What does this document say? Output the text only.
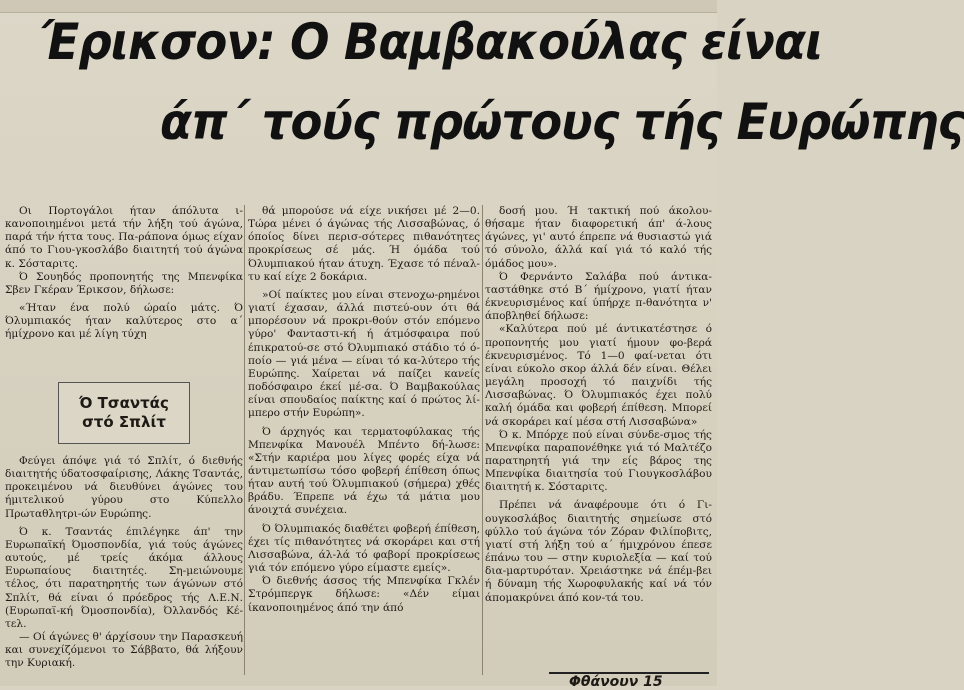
Έρικσον: Ο Βαμβακούλας είναι
άπ΄ τούς πρώτους τής Ευρώπης

Οι Πορτογάλοι ήταν άπόλυτα ι-κανοποιημένοι μετά τήν λήξη τού άγώνα, παρά τήν ήττα τους. Πα-ράπονα όμως είχαν άπό το Γιου-γκοσλάβο διαιτητή τού άγώνα κ. Σόσταριτς.

Ό Σουηδός προπονητής της Μπενφίκα Σβεν Γκέραν Έρικσον, δήλωσε:

«Ήταν ένα πολύ ώραίο μάτς. Ό Όλυμπιακός ήταν καλύτερος στο α΄ ήμίχρονο και μέ λίγη τύχη

Ό Τσαντάς
στό Σπλίτ

Φεύγει άπόψε γιά τό Σπλίτ, ό διεθνής διαιτητής ύδατοσφαίρισης, Λάκης Τσαντάς, προκειμένου νά διευθύνει άγώνες του ήμιτελικού γύρου στο Κύπελλο Πρωταθλητρι-ών Ευρώπης.

Ό κ. Τσαντάς έπιλέγηκε άπ' την Ευρωπαϊκή Όμοσπονδία, γιά τούς άγώνες αυτούς, μέ τρείς άκόμα άλλους Ευρωπαίους διαιτητές. Ση-μειώνουμε τέλος, ότι παρατηρητής των άγώνων στό Σπλίτ, θά είναι ό πρόεδρος τής Λ.Ε.Ν. (Ευρωπαϊ-κή Όμοσπονδία), Όλλανδός Κέ-τελ.

— Οί άγώνες θ' άρχίσουν την Παρασκευή και συνεχίζόμενοι το Σάββατο, θά λήξουν την Κυριακή.

θά μπορούσε νά είχε νικήσει μέ 2—0. Τώρα μένει ό άγώνας τής Λισσαβώνας, ό όποίος δίνει περισ-σότερες πιθανότητες προκρίσεως σέ μάς. Ή όμάδα τού Όλυμπιακού ήταν άτυχη. Έχασε τό πέναλ-τυ καί είχε 2 δοκάρια.

»Οί παίκτες μου είναι στενοχω-ρημένοι γιατί έχασαν, άλλά πιστεύ-ουν ότι θά μπορέσουν νά προκρι-θούν στόν επόμενο γύρο' Φανταστι-κή ή άτμόσφαιρα πού έπικρατού-σε στό Όλυμπιακό στάδιο τό ό-ποίο — γιά μένα — είναι τό κα-λύτερο τής Ευρώπης. Χαίρεται νά παίζει κανείς ποδόσφαιρο έκεί μέ-σα. Ό Βαμβακούλας είναι σπουδαίος παίκτης καί ό πρώτος λί-μπερο στήν Ευρώπη».

Ό άρχηγός και τερματοφύλακας τής Μπενφίκα Μανουέλ Μπέντο δή-λωσε: «Στήν καριέρα μου λίγες φορές είχα νά άντιμετωπίσω τόσο φοβερή έπίθεση όπως ήταν αυτή τού Όλυμπιακού (σήμερα) χθές βράδυ. Έπρεπε νά έχω τά μάτια μου άνοιχτά συνέχεια.

Ό Όλυμπιακός διαθέτει φοβερή έπίθεση, έχει τίς πιθανότητες νά σκοράρει και στή Λισσαβώνα, άλ-λά τό φαβορί προκρίσεως γιά τόν επόμενο γύρο είμαστε εμείς».

Ό διεθνής άσσος τής Μπενφίκα Γκλέν Στρόμπεργκ δήλωσε: «Δέν είμαι ίκανοποιημένος άπό την άπό

δοσή μου. Ή τακτική πού άκολου-θήσαμε ήταν διαφορετική άπ' ά-λους άγώνες, γι' αυτό έπρεπε νά θυσιαστώ γιά τό σύνολο, άλλά καί γιά τό καλό τής όμάδος μου».

Ό Φερνάντο Σαλάβα πού άντικα-ταστάθηκε στό Β΄ ήμίχρονο, γιατί ήταν έκνευρισμένος καί ύπήρχε π-θανότητα ν' άποβληθεί δήλωσε:

«Καλύτερα πού μέ άντικατέστησε ό προπονητής μου γιατί ήμουν φο-βερά έκνευρισμένος. Τό 1—0 φαί-νεται ότι είναι εύκολο σκορ άλλά δέν είναι. Θέλει μεγάλη προσοχή τό παιχνίδι τής Λισσαβώνας. Ό Όλυμπιακός έχει πολύ καλή όμάδα και φοβερή έπίθεση. Μπορεί νά σκοράρει καί μέσα στή Λισσαβώνα»

Ό κ. Μπόρχε πού είναι σύνδε-σμος τής Μπενφίκα παραπονέθηκε γιά τό Μαλτέζο παρατηρητή γιά την είς βάρος της Μπενφίκα διαιτησία τού Γιουγκοσλάβου διαιτητή κ. Σόσταριτς.

Πρέπει νά άναφέρουμε ότι ό Γι-ουγκοσλάβος διαιτητής σημείωσε στό φύλλο τού άγώνα τόν Ζόραν Φιλίποβιτς, γιατί στή λήξη τού α΄ ήμιχρόνου έπεσε έπάνω του — στην κυριολεξία — καί τού δια-μαρτυρόταν. Χρειάστηκε νά έπέμ-βει ή δύναμη τής Χωροφυλακής καί νά τόν άπομακρύνει άπό κον-τά του.

Φθάνουν 15
